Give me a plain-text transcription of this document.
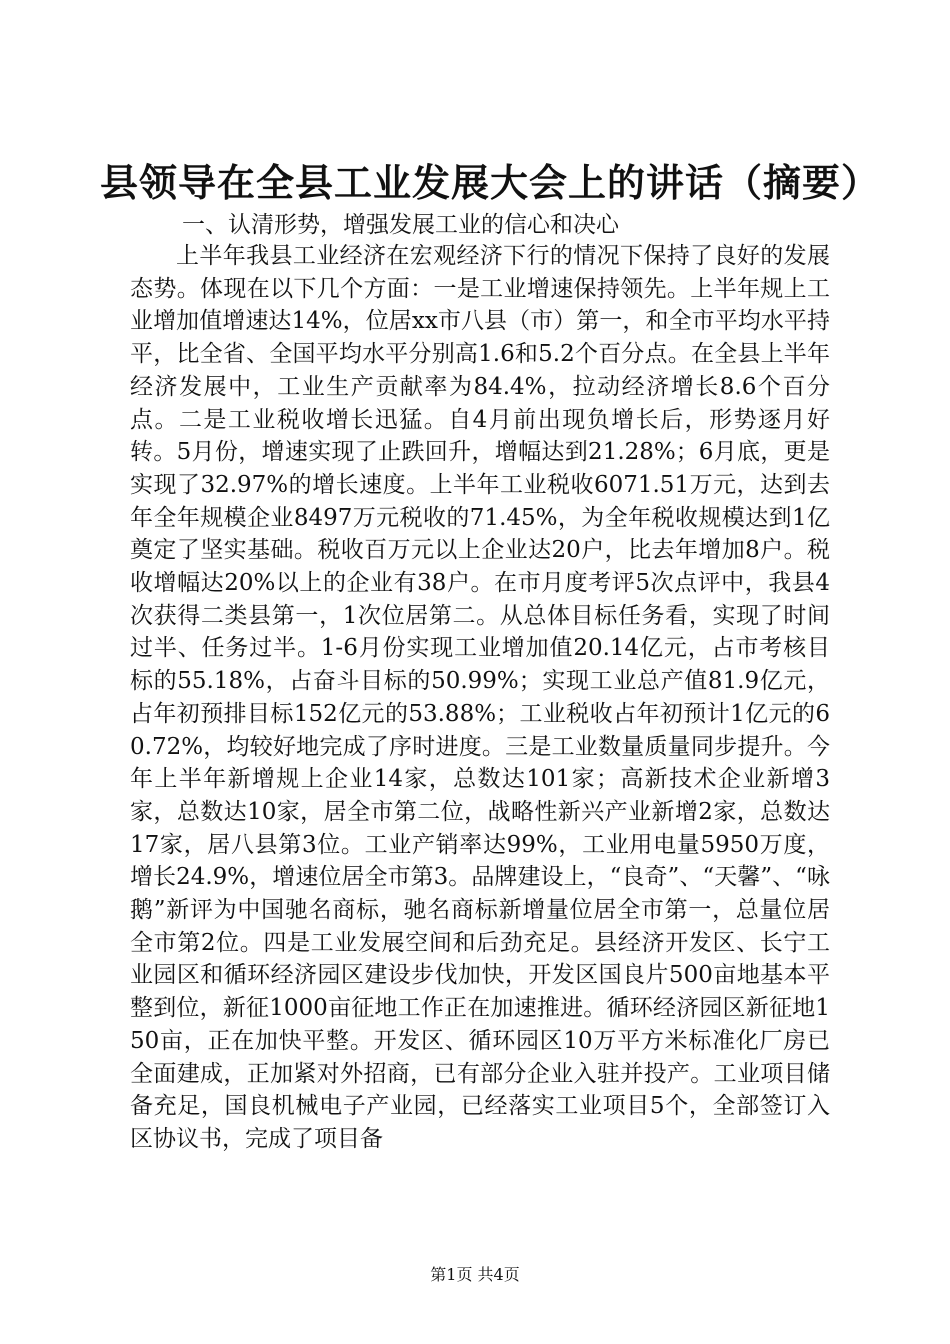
县领导在全县工业发展大会上的讲话（摘要）

一、认清形势，增强发展工业的信心和决心

上半年我县工业经济在宏观经济下行的情况下保持了良好的发展态势。体现在以下几个方面：一是工业增速保持领先。上半年规上工业增加值增速达14%，位居xx市八县（市）第一，和全市平均水平持平，比全省、全国平均水平分别高1.6和5.2个百分点。在全县上半年经济发展中，工业生产贡献率为84.4%，拉动经济增长8.6个百分点。二是工业税收增长迅猛。自4月前出现负增长后，形势逐月好转。5月份，增速实现了止跌回升，增幅达到21.28%；6月底，更是实现了32.97%的增长速度。上半年工业税收6071.51万元，达到去年全年规模企业8497万元税收的71.45%，为全年税收规模达到1亿奠定了坚实基础。税收百万元以上企业达20户，比去年增加8户。税收增幅达20%以上的企业有38户。在市月度考评5次点评中，我县4次获得二类县第一，1次位居第二。从总体目标任务看，实现了时间过半、任务过半。1-6月份实现工业增加值20.14亿元，占市考核目标的55.18%，占奋斗目标的50.99%；实现工业总产值81.9亿元，占年初预排目标152亿元的53.88%；工业税收占年初预计1亿元的60.72%，均较好地完成了序时进度。三是工业数量质量同步提升。今年上半年新增规上企业14家，总数达101家；高新技术企业新增3家，总数达10家，居全市第二位，战略性新兴产业新增2家，总数达17家，居八县第3位。工业产销率达99%，工业用电量5950万度，增长24.9%，增速位居全市第3。品牌建设上，“良奇”、“天馨”、“咏鹅”新评为中国驰名商标，驰名商标新增量位居全市第一，总量位居全市第2位。四是工业发展空间和后劲充足。县经济开发区、长宁工业园区和循环经济园区建设步伐加快，开发区国良片500亩地基本平整到位，新征1000亩征地工作正在加速推进。循环经济园区新征地150亩，正在加快平整。开发区、循环园区10万平方米标准化厂房已全面建成，正加紧对外招商，已有部分企业入驻并投产。工业项目储备充足，国良机械电子产业园，已经落实工业项目5个，全部签订入区协议书，完成了项目备

第1页 共4页
